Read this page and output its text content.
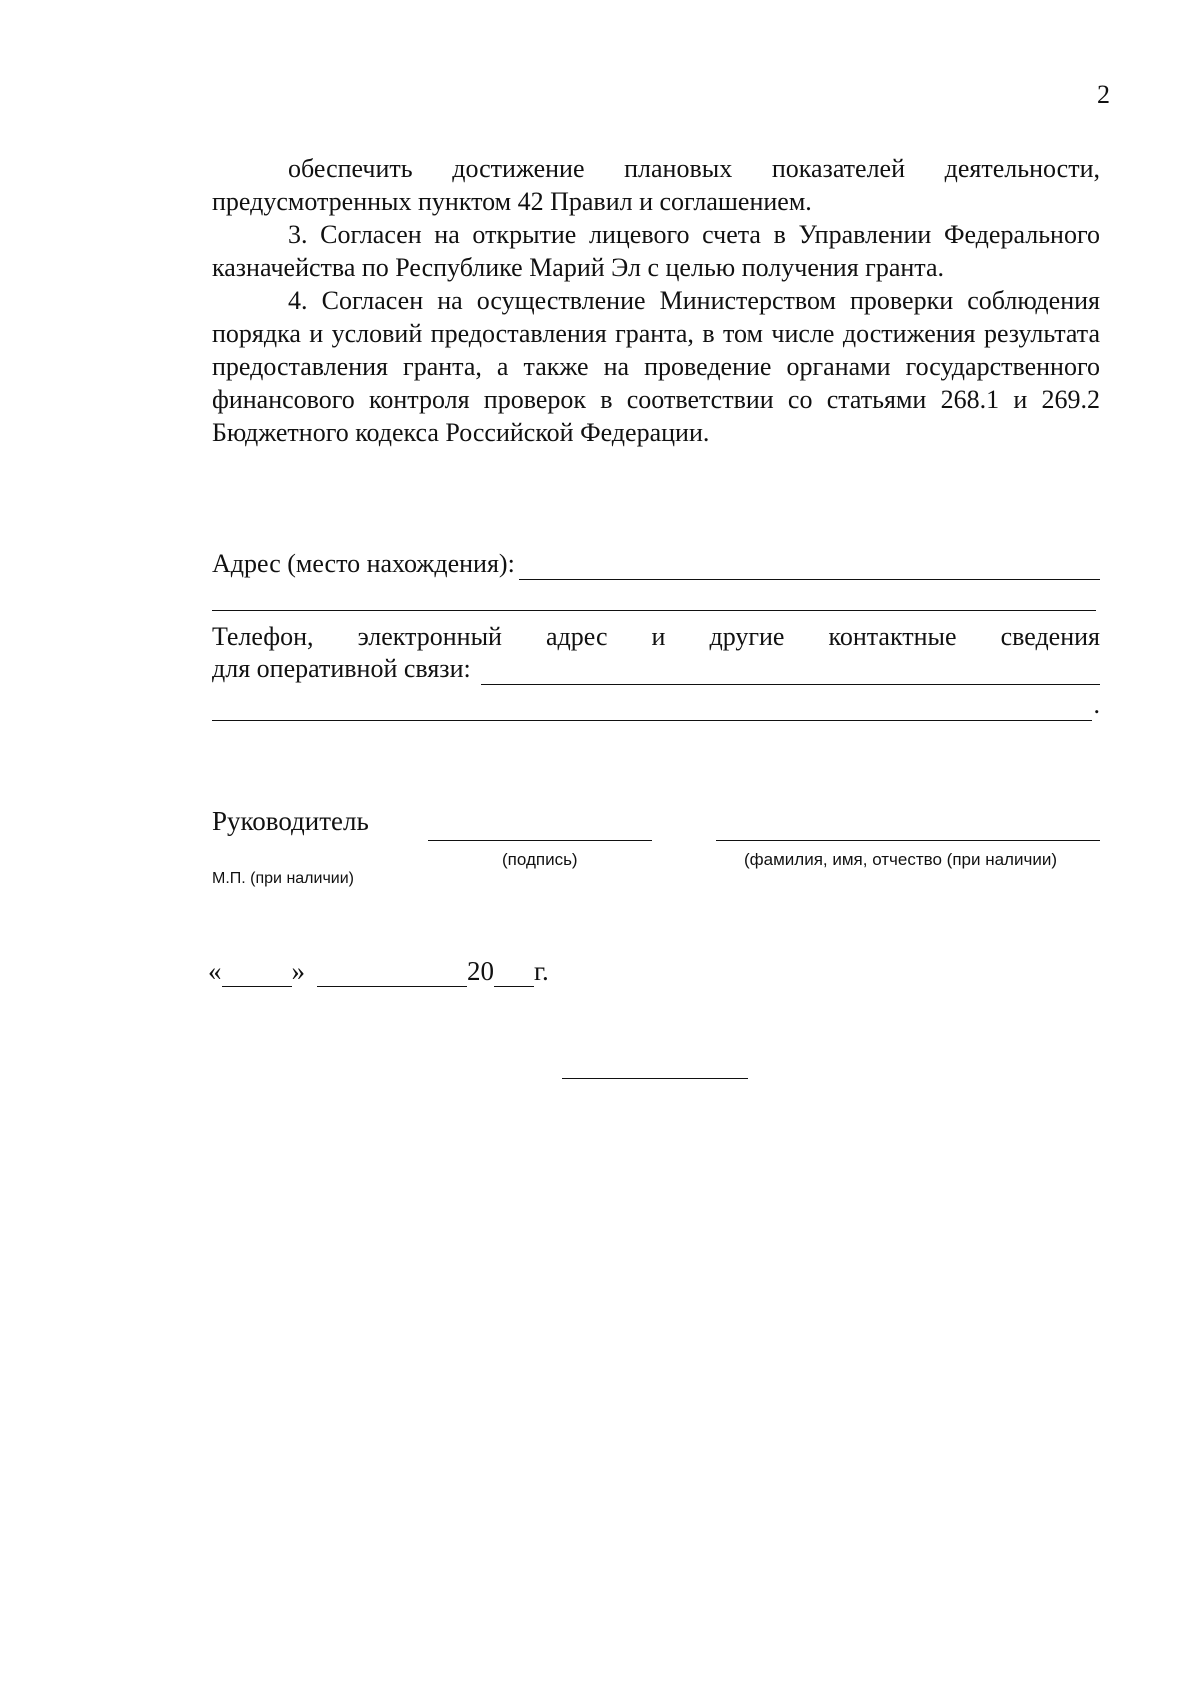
2

обеспечить достижение плановых показателей деятельности,

предусмотренных пунктом 42 Правил и соглашением.

3. Согласен на открытие лицевого счета в Управлении Федерального казначейства по Республике Марий Эл с целью получения гранта.

4. Согласен на осуществление Министерством проверки соблюдения порядка и условий предоставления гранта, в том числе достижения результата предоставления гранта, а также на проведение органами государственного финансового контроля проверок в соответствии со статьями 268.1 и 269.2 Бюджетного кодекса Российской Федерации.

Адрес (место нахождения):
Телефон, электронный адрес и другие контактные сведения
для оперативной связи:
.
Руководитель
(подпись)	(фамилия, имя, отчество (при наличии)
М.П. (при наличии)
«	»	20 г.
